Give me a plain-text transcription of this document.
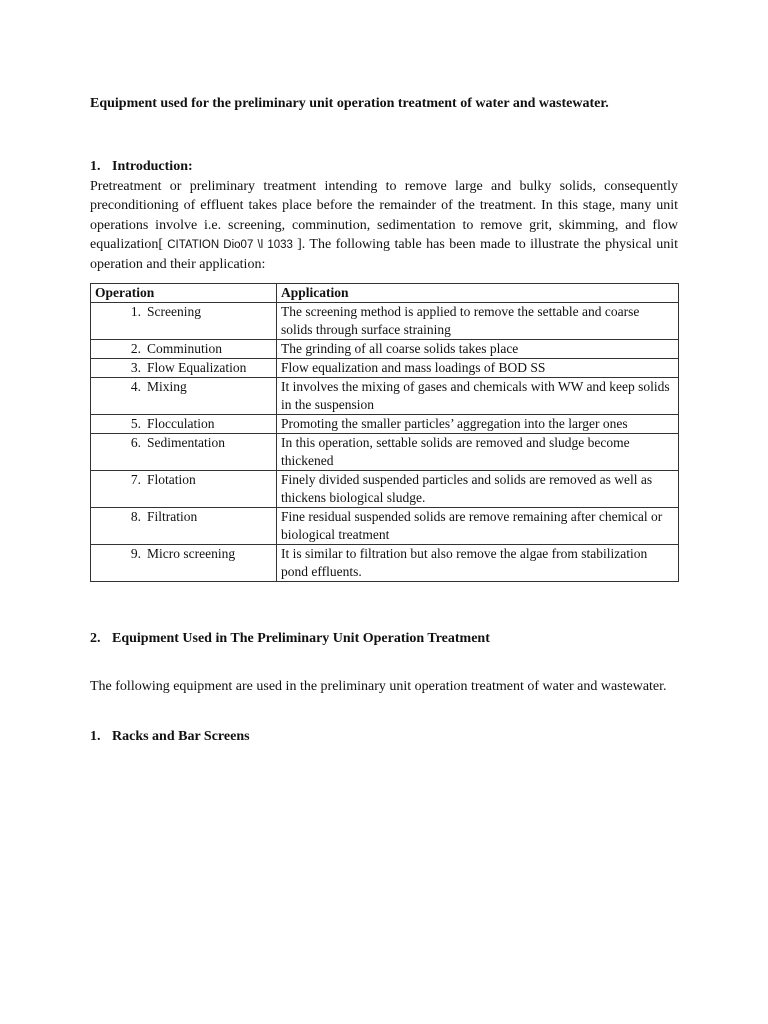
Equipment used for the preliminary unit operation treatment of water and wastewater.
1. Introduction:

Pretreatment or preliminary treatment intending to remove large and bulky solids, consequently preconditioning of effluent takes place before the remainder of the treatment. In this stage, many unit operations involve i.e. screening, comminution, sedimentation to remove grit, skimming, and flow equalization[ CITATION Dio07 \l 1033 ]. The following table has been made to illustrate the physical unit operation and their application:

Operation	Application
1. Screening	The screening method is applied to remove the settable and coarse solids through surface straining
2. Comminution	The grinding of all coarse solids takes place
3. Flow Equalization	Flow equalization and mass loadings of BOD SS
4. Mixing	It involves the mixing of gases and chemicals with WW and keep solids in the suspension
5. Flocculation	Promoting the smaller particles’ aggregation into the larger ones
6. Sedimentation	In this operation, settable solids are removed and sludge become thickened
7. Flotation	Finely divided suspended particles and solids are removed as well as thickens biological sludge.
8. Filtration	Fine residual suspended solids are remove remaining after chemical or biological treatment
9. Micro screening	It is similar to filtration but also remove the algae from stabilization pond effluents.
2. Equipment Used in The Preliminary Unit Operation Treatment

The following equipment are used in the preliminary unit operation treatment of water and wastewater.

1. Racks and Bar Screens
